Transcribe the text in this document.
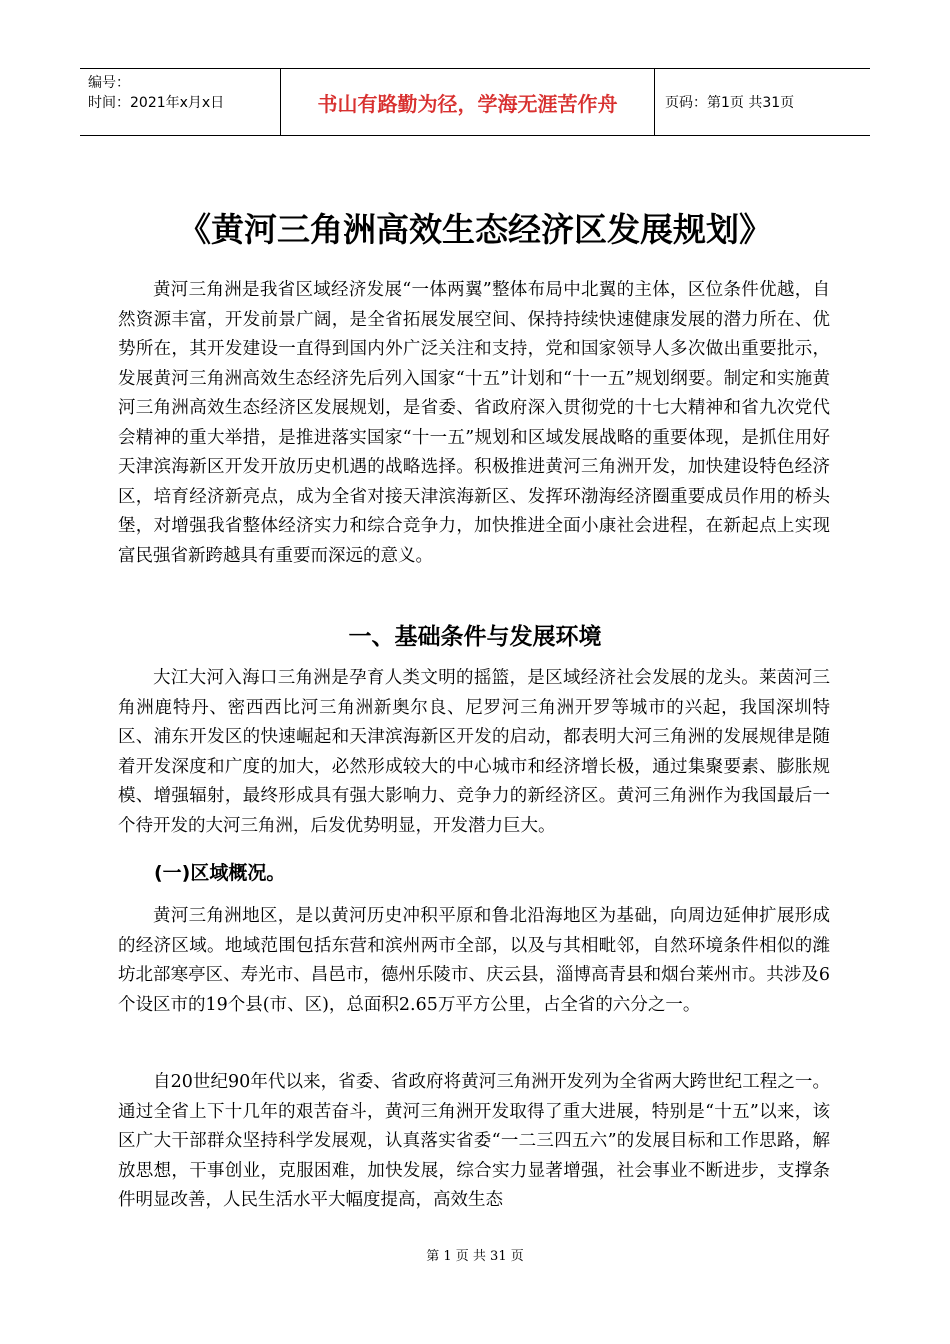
编号：
时间：2021年x月x日	书山有路勤为径，学海无涯苦作舟	页码：第1页 共31页
《黄河三角洲高效生态经济区发展规划》

黄河三角洲是我省区域经济发展“一体两翼”整体布局中北翼的主体，区位条件优越，自然资源丰富，开发前景广阔，是全省拓展发展空间、保持持续快速健康发展的潜力所在、优势所在，其开发建设一直得到国内外广泛关注和支持，党和国家领导人多次做出重要批示，发展黄河三角洲高效生态经济先后列入国家“十五”计划和“十一五”规划纲要。制定和实施黄河三角洲高效生态经济区发展规划，是省委、省政府深入贯彻党的十七大精神和省九次党代会精神的重大举措，是推进落实国家“十一五”规划和区域发展战略的重要体现，是抓住用好天津滨海新区开发开放历史机遇的战略选择。积极推进黄河三角洲开发，加快建设特色经济区，培育经济新亮点，成为全省对接天津滨海新区、发挥环渤海经济圈重要成员作用的桥头堡，对增强我省整体经济实力和综合竞争力，加快推进全面小康社会进程，在新起点上实现富民强省新跨越具有重要而深远的意义。

一、基础条件与发展环境

大江大河入海口三角洲是孕育人类文明的摇篮，是区域经济社会发展的龙头。莱茵河三角洲鹿特丹、密西西比河三角洲新奥尔良、尼罗河三角洲开罗等城市的兴起，我国深圳特区、浦东开发区的快速崛起和天津滨海新区开发的启动，都表明大河三角洲的发展规律是随着开发深度和广度的加大，必然形成较大的中心城市和经济增长极，通过集聚要素、膨胀规模、增强辐射，最终形成具有强大影响力、竞争力的新经济区。黄河三角洲作为我国最后一个待开发的大河三角洲，后发优势明显，开发潜力巨大。

(一)区域概况。

黄河三角洲地区，是以黄河历史冲积平原和鲁北沿海地区为基础，向周边延伸扩展形成的经济区域。地域范围包括东营和滨州两市全部，以及与其相毗邻，自然环境条件相似的潍坊北部寒亭区、寿光市、昌邑市，德州乐陵市、庆云县，淄博高青县和烟台莱州市。共涉及6个设区市的19个县(市、区)，总面积2.65万平方公里，占全省的六分之一。

自20世纪90年代以来，省委、省政府将黄河三角洲开发列为全省两大跨世纪工程之一。通过全省上下十几年的艰苦奋斗，黄河三角洲开发取得了重大进展，特别是“十五”以来，该区广大干部群众坚持科学发展观，认真落实省委“一二三四五六”的发展目标和工作思路，解放思想，干事创业，克服困难，加快发展，综合实力显著增强，社会事业不断进步，支撑条件明显改善，人民生活水平大幅度提高，高效生态

第 1 页 共 31 页
